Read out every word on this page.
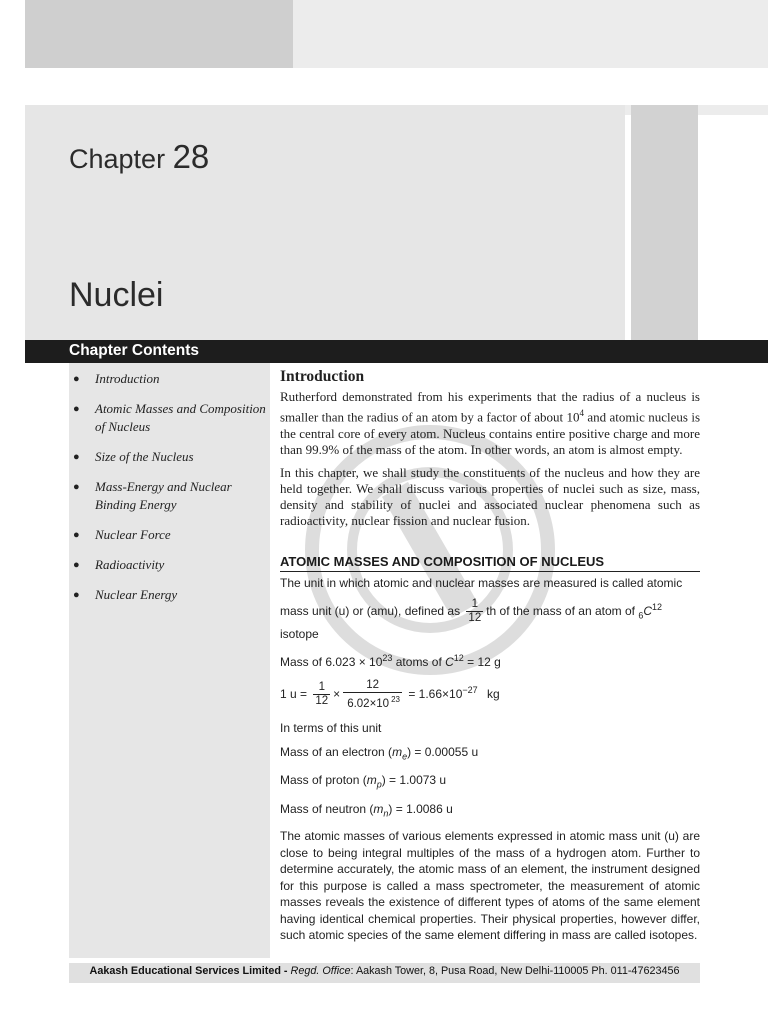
Chapter 28
Nuclei
Chapter Contents
● Introduction
● Atomic Masses and Composition of Nucleus
● Size of the Nucleus
● Mass-Energy and Nuclear Binding Energy
● Nuclear Force
● Radioactivity
● Nuclear Energy
Introduction

Rutherford demonstrated from his experiments that the radius of a nucleus is smaller than the radius of an atom by a factor of about $10^4$ and atomic nucleus is the central core of every atom. Nucleus contains entire positive charge and more than 99.9% of the mass of the atom. In other words, an atom is almost empty.

In this chapter, we shall study the constituents of the nucleus and how they are held together. We shall discuss various properties of nuclei such as size, mass, density and stability of nuclei and associated nuclear phenomena such as radioactivity, nuclear fission and nuclear fusion.

ATOMIC MASSES AND COMPOSITION OF NUCLEUS

The unit in which atomic and nuclear masses are measured is called atomic

mass unit (u) or (amu), defined as $\frac{1}{12}$ th of the mass of an atom of $_6C^{12}$

isotope

Mass of $6.023 \times 10^{23}$ atoms of $C^{12} = 12$ g

1 $u = \frac{1}{12} \times \frac{12}{6.02\times 10 ^{23}} = 1.66\times 10^{-27}$ kg

In terms of this unit

Mass of an electron $(m_e) = 0.00055$ u

Mass of proton $(m_p) = 1.0073$ u

Mass of neutron $(m_n) = 1.0086$ u

The atomic masses of various elements expressed in atomic mass unit (u) are close to being integral multiples of the mass of a hydrogen atom. Further to determine accurately, the atomic mass of an element, the instrument designed for this purpose is called a mass spectrometer, the measurement of atomic masses reveals the existence of different types of atoms of the same element having identical chemical properties. Their physical properties, however differ, such atomic species of the same element differing in mass are called isotopes.

Aakash Educational Services Limited - Regd. Office: Aakash Tower, 8, Pusa Road, New Delhi-110005 Ph. 011-47623456
